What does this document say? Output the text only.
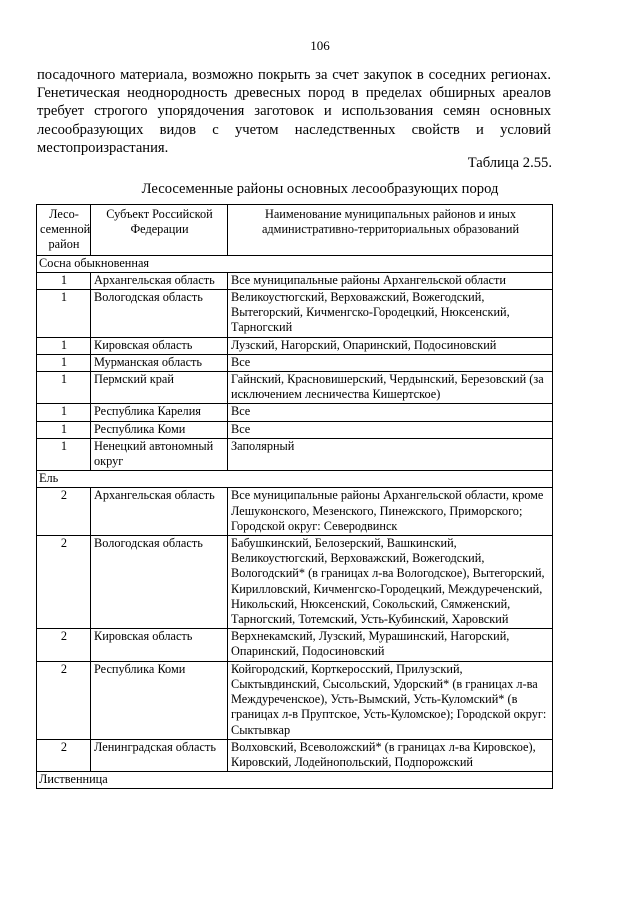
106
посадочного материала, возможно покрыть за счет закупок в соседних регионах. Генетическая неоднородность древесных пород в пределах обширных ареалов требует строгого упорядочения заготовок и использования семян основных лесообразующих видов с учетом наследственных свойств и условий местопроизрастания.
Таблица 2.55.
Лесосеменные районы основных лесообразующих пород
Лесо-семенной район	Субъект Российской Федерации	Наименование муниципальных районов и иных административно-территориальных образований
Сосна обыкновенная		
1	Архангельская область	Все муниципальные районы Архангельской области
1	Вологодская область	Великоустюгский, Верховажский, Вожегодский, Вытегорский, Кичменгско-Городецкий, Нюксенский, Тарногский
1	Кировская область	Лузский, Нагорский, Опаринский, Подосиновский
1	Мурманская область	Все
1	Пермский край	Гайнский, Красновишерский, Чердынский, Березовский (за исключением лесничества Кишертское)
1	Республика Карелия	Все
1	Республика Коми	Все
1	Ненецкий автономный округ	Заполярный
Ель		
2	Архангельская область	Все муниципальные районы Архангельской области, кроме Лешуконского, Мезенского, Пинежского, Приморского; Городской округ: Северодвинск
2	Вологодская область	Бабушкинский, Белозерский, Вашкинский, Великоустюгский, Верховажский, Вожегодский, Вологодский* (в границах л-ва Вологодское), Вытегорский, Кирилловский, Кичменгско-Городецкий, Междуреченский, Никольский, Нюксенский, Сокольский, Сямженский, Тарногский, Тотемский, Усть-Кубинский, Харовский
2	Кировская область	Верхнекамский, Лузский, Мурашинский, Нагорский, Опаринский, Подосиновский
2	Республика Коми	Койгородский, Корткеросский, Прилузский, Сыктывдинский, Сысольский, Удорский* (в границах л-ва Междуреченское), Усть-Вымский, Усть-Куломский* (в границах л-в Пруптское, Усть-Куломское); Городской округ: Сыктывкар
2	Ленинградская область	Волховский, Всеволожский* (в границах л-ва Кировское), Кировский, Лодейнопольский, Подпорожский
Лиственница		
